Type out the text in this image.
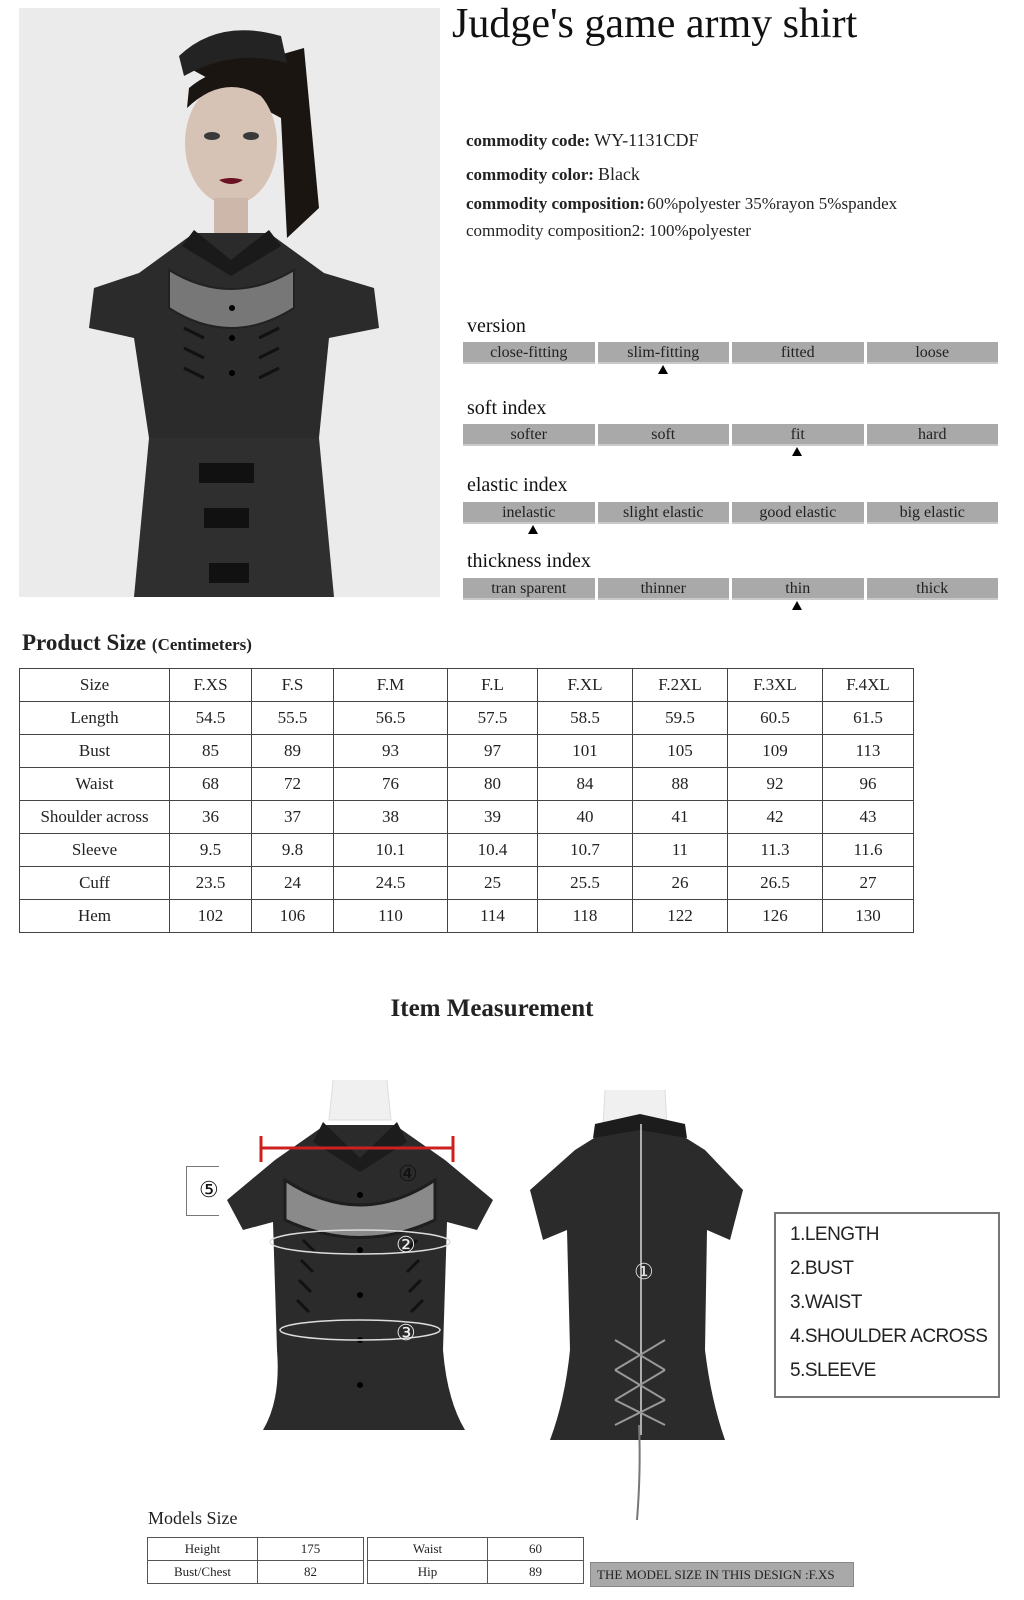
Judge's game army shirt
commodity code: WY-1131CDF
commodity color: Black
commodity composition: 60%polyester 35%rayon 5%spandex
commodity composition2: 100%polyester
version
close-fitting	slim-fitting	fitted	loose
soft index
softer	soft	fit	hard
elastic index
inelastic	slight elastic	good elastic	big elastic
thickness index
tran sparent	thinner	thin	thick
Product Size (Centimeters)
Size	F.XS	F.S	F.M	F.L	F.XL	F.2XL	F.3XL	F.4XL
Length	54.5	55.5	56.5	57.5	58.5	59.5	60.5	61.5
Bust	85	89	93	97	101	105	109	113
Waist	68	72	76	80	84	88	92	96
Shoulder across	36	37	38	39	40	41	42	43
Sleeve	9.5	9.8	10.1	10.4	10.7	11	11.3	11.6
Cuff	23.5	24	24.5	25	25.5	26	26.5	27
Hem	102	106	110	114	118	122	126	130
Item Measurement
④
②
③
⑤
①
1.LENGTH
2.BUST
3.WAIST
4.SHOULDER ACROSS
5.SLEEVE
Models Size
Height	175
Bust/Chest	82
Waist	60
Hip	89	THE MODEL SIZE IN THIS DESIGN :F.XS
